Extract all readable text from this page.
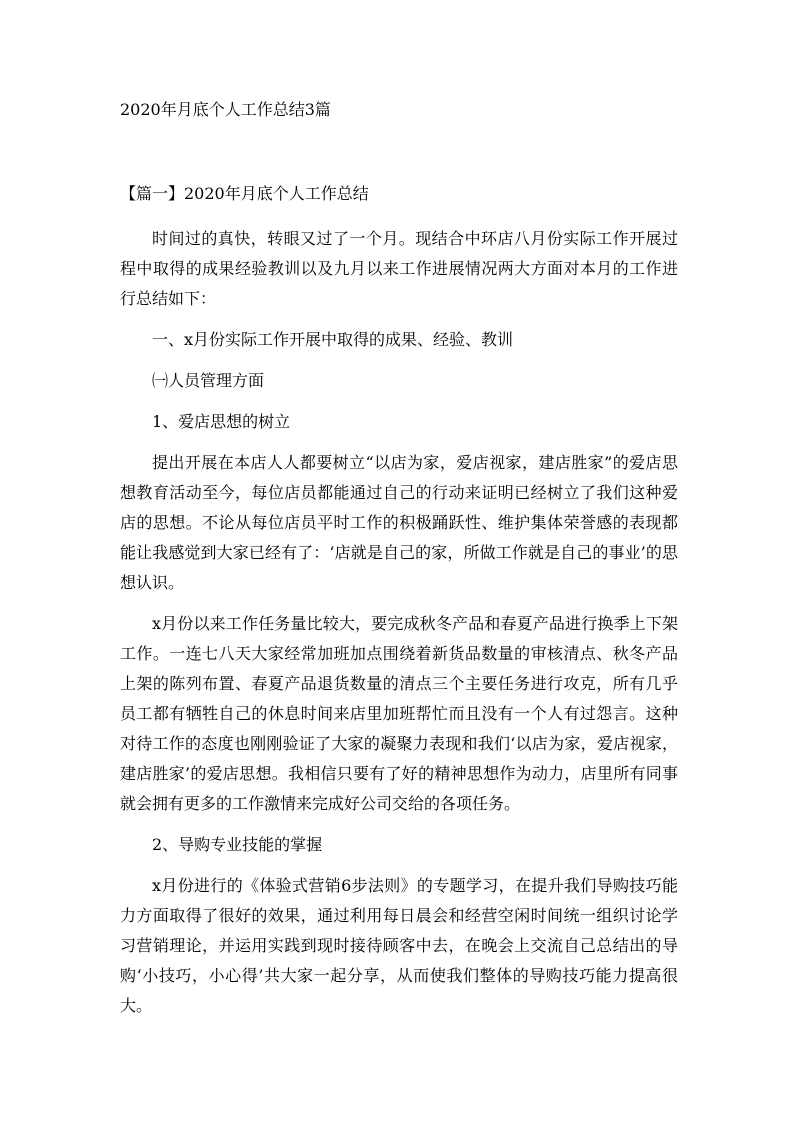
2020年月底个人工作总结3篇
【篇一】2020年月底个人工作总结

时间过的真快，转眼又过了一个月。现结合中环店八月份实际工作开展过程中取得的成果经验教训以及九月以来工作进展情况两大方面对本月的工作进行总结如下：

一、x月份实际工作开展中取得的成果、经验、教训

㈠人员管理方面

1、爱店思想的树立

提出开展在本店人人都要树立“以店为家，爱店视家，建店胜家”的爱店思想教育活动至今，每位店员都能通过自己的行动来证明已经树立了我们这种爱店的思想。不论从每位店员平时工作的积极踊跃性、维护集体荣誉感的表现都能让我感觉到大家已经有了：‘店就是自己的家，所做工作就是自己的事业’的思想认识。

x月份以来工作任务量比较大，要完成秋冬产品和春夏产品进行换季上下架工作。一连七八天大家经常加班加点围绕着新货品数量的审核清点、秋冬产品上架的陈列布置、春夏产品退货数量的清点三个主要任务进行攻克，所有几乎员工都有牺牲自己的休息时间来店里加班帮忙而且没有一个人有过怨言。这种对待工作的态度也刚刚验证了大家的凝聚力表现和我们‘以店为家，爱店视家，建店胜家’的爱店思想。我相信只要有了好的精神思想作为动力，店里所有同事就会拥有更多的工作激情来完成好公司交给的各项任务。

2、导购专业技能的掌握

x月份进行的《体验式营销6步法则》的专题学习，在提升我们导购技巧能力方面取得了很好的效果，通过利用每日晨会和经营空闲时间统一组织讨论学习营销理论，并运用实践到现时接待顾客中去，在晚会上交流自己总结出的导购‘小技巧，小心得’共大家一起分享，从而使我们整体的导购技巧能力提高很大。
